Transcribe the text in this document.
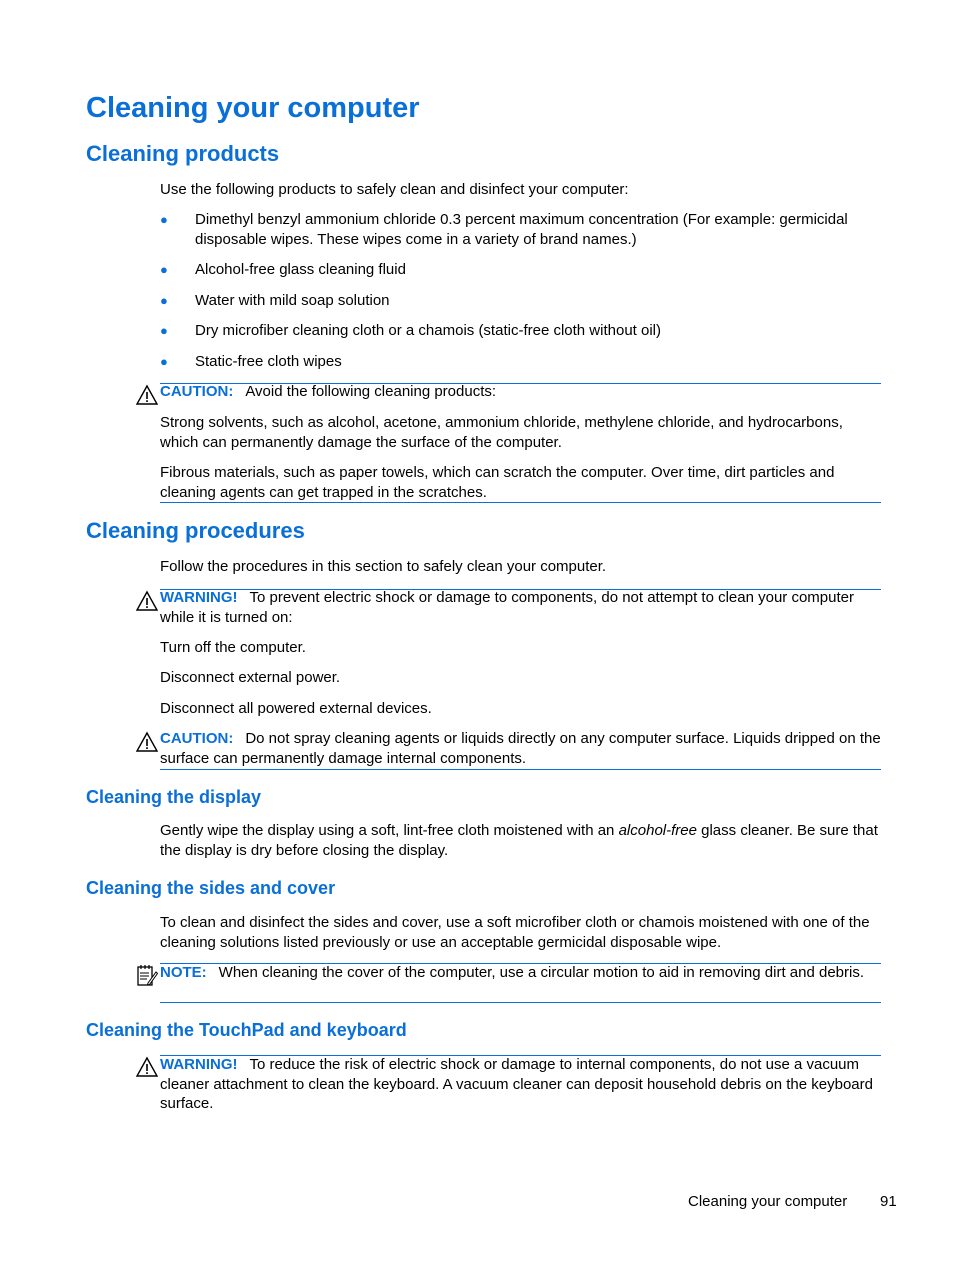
Cleaning your computer
Cleaning products

Use the following products to safely clean and disinfect your computer:

● Dimethyl benzyl ammonium chloride 0.3 percent maximum concentration (For example: germicidal disposable wipes. These wipes come in a variety of brand names.)
● Alcohol-free glass cleaning fluid
● Water with mild soap solution
● Dry microfiber cleaning cloth or a chamois (static-free cloth without oil)
● Static-free cloth wipes

CAUTION: Avoid the following cleaning products:

Strong solvents, such as alcohol, acetone, ammonium chloride, methylene chloride, and hydrocarbons, which can permanently damage the surface of the computer.

Fibrous materials, such as paper towels, which can scratch the computer. Over time, dirt particles and cleaning agents can get trapped in the scratches.

Cleaning procedures

Follow the procedures in this section to safely clean your computer.

WARNING! To prevent electric shock or damage to components, do not attempt to clean your computer while it is turned on:

Turn off the computer.

Disconnect external power.

Disconnect all powered external devices.

CAUTION: Do not spray cleaning agents or liquids directly on any computer surface. Liquids dripped on the surface can permanently damage internal components.

Cleaning the display

Gently wipe the display using a soft, lint-free cloth moistened with an alcohol-free glass cleaner. Be sure that the display is dry before closing the display.

Cleaning the sides and cover

To clean and disinfect the sides and cover, use a soft microfiber cloth or chamois moistened with one of the cleaning solutions listed previously or use an acceptable germicidal disposable wipe.

NOTE: When cleaning the cover of the computer, use a circular motion to aid in removing dirt and debris.

Cleaning the TouchPad and keyboard

WARNING! To reduce the risk of electric shock or damage to internal components, do not use a vacuum cleaner attachment to clean the keyboard. A vacuum cleaner can deposit household debris on the keyboard surface.

Cleaning your computer 91
